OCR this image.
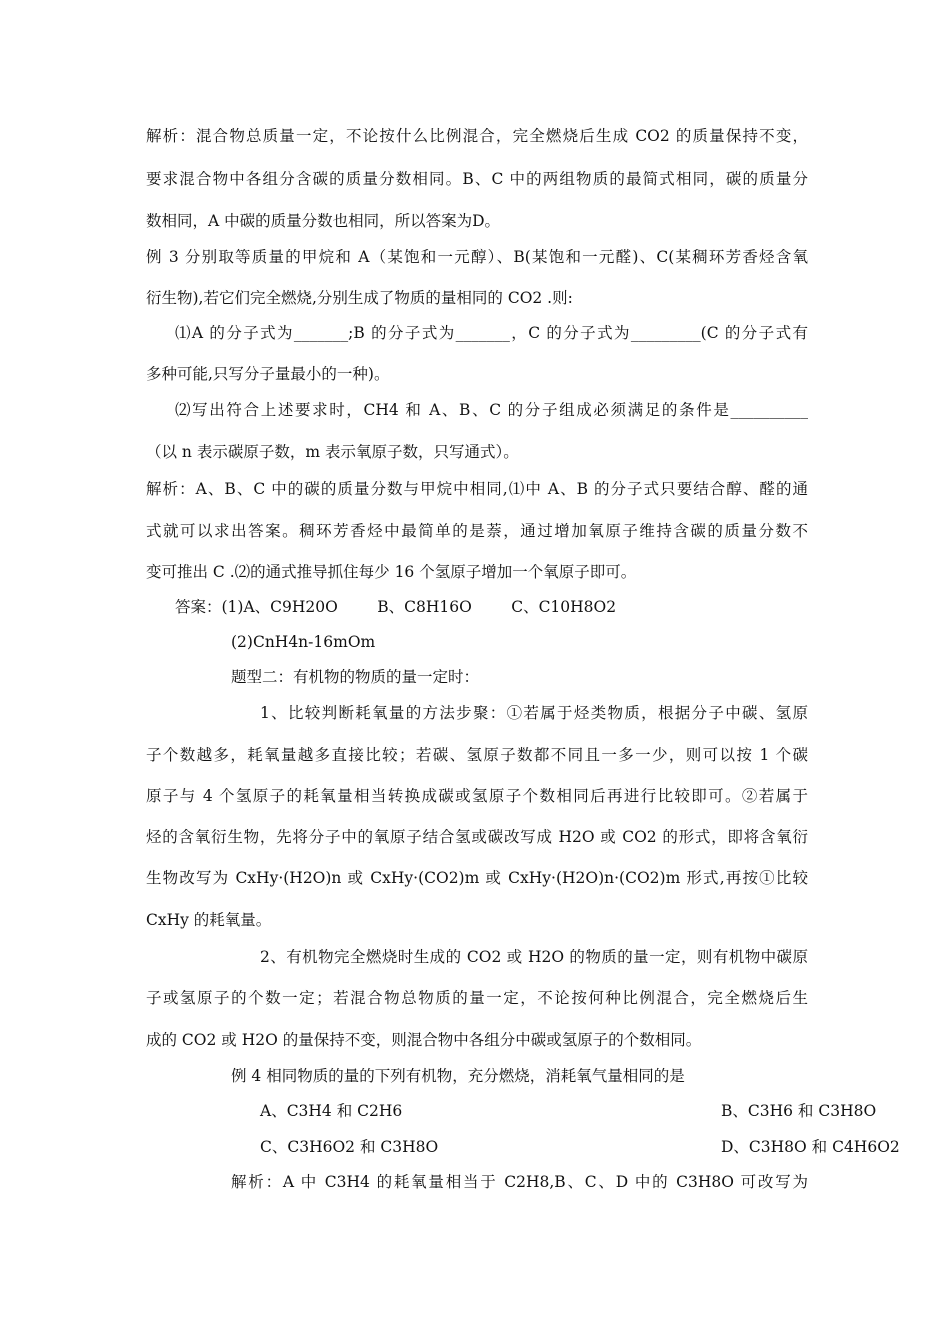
解析：混合物总质量一定，不论按什么比例混合，完全燃烧后生成 CO2 的质量保持不变，
要求混合物中各组分含碳的质量分数相同。B、C 中的两组物质的最简式相同，碳的质量分
数相同，A 中碳的质量分数也相同，所以答案为D。
例 3 分别取等质量的甲烷和 A（某饱和一元醇）、B(某饱和一元醛)、C(某稠环芳香烃含氧
衍生物),若它们完全燃烧,分别生成了物质的量相同的 CO2 .则:
⑴A 的分子式为_______;B 的分子式为_______，C 的分子式为_________(C 的分子式有
多种可能,只写分子量最小的一种)。
⑵写出符合上述要求时，CH4 和 A、B、C 的分子组成必须满足的条件是__________
（以 n 表示碳原子数，m 表示氧原子数，只写通式）。
解析：A、B、C 中的碳的质量分数与甲烷中相同,⑴中 A、B 的分子式只要结合醇、醛的通
式就可以求出答案。稠环芳香烃中最简单的是萘，通过增加氧原子维持含碳的质量分数不
变可推出 C .⑵的通式推导抓住每少 16 个氢原子增加一个氧原子即可。
答案：(1)A、C9H20O        B、C8H16O        C、C10H8O2
(2)CnH4n-16mOm
题型二：有机物的物质的量一定时：
1、比较判断耗氧量的方法步聚：①若属于烃类物质，根据分子中碳、氢原
子个数越多，耗氧量越多直接比较；若碳、氢原子数都不同且一多一少，则可以按 1 个碳
原子与 4 个氢原子的耗氧量相当转换成碳或氢原子个数相同后再进行比较即可。②若属于
烃的含氧衍生物，先将分子中的氧原子结合氢或碳改写成 H2O 或 CO2 的形式，即将含氧衍
生物改写为 CxHy·(H2O)n 或 CxHy·(CO2)m 或 CxHy·(H2O)n·(CO2)m 形式,再按①比较
CxHy 的耗氧量。
2、有机物完全燃烧时生成的 CO2 或 H2O 的物质的量一定，则有机物中碳原
子或氢原子的个数一定；若混合物总物质的量一定，不论按何种比例混合，完全燃烧后生
成的 CO2 或 H2O 的量保持不变，则混合物中各组分中碳或氢原子的个数相同。
例 4 相同物质的量的下列有机物，充分燃烧，消耗氧气量相同的是
A、C3H4 和 C2H6	B、C3H6 和 C3H8O
C、C3H6O2 和 C3H8O	D、C3H8O 和 C4H6O2
解析：A 中 C3H4 的耗氧量相当于 C2H8,B、C、D 中的 C3H8O 可改写为
